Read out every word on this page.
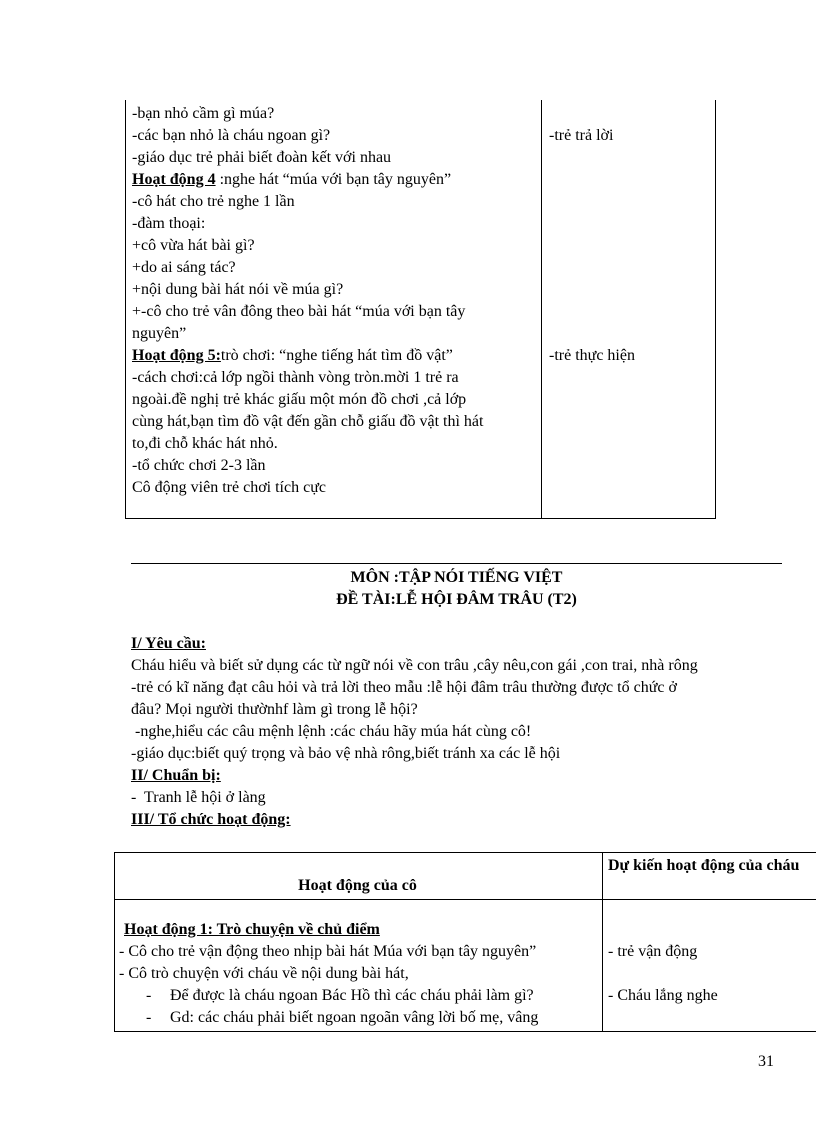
-bạn nhỏ cầm gì múa?
-các bạn nhỏ là cháu ngoan gì?
-giáo dục trẻ phải biết đoàn kết với nhau
Hoạt động 4 :nghe hát “múa với bạn tây nguyên”
-cô hát cho trẻ nghe 1 lần
-đàm thoại:
+cô vừa hát bài gì?
+do ai sáng tác?
+nội dung bài hát nói về múa gì?
+-cô cho trẻ vân đông theo bài hát “múa với bạn tây
nguyên”
Hoạt động 5:trò chơi: “nghe tiếng hát tìm đồ vật”
-cách chơi:cả lớp ngồi thành vòng tròn.mời 1 trẻ ra
ngoài.đề nghị trẻ khác giấu một món đồ chơi ,cả lớp
cùng hát,bạn tìm đồ vật đến gần chỗ giấu đồ vật thì hát
to,đi chỗ khác hát nhỏ.
-tổ chức chơi 2-3 lần
Cô động viên trẻ chơi tích cực
-trẻ trả lời
-trẻ thực hiện
MÔN :TẬP NÓI TIẾNG VIỆT
ĐỀ TÀI:LỄ HỘI ĐÂM TRÂU (T2)
I/ Yêu cầu:
Cháu hiểu và biết sử dụng các từ ngữ nói về con trâu ,cây nêu,con gái ,con trai, nhà rông
-trẻ có kĩ năng đạt câu hỏi và trả lời theo mẫu :lễ hội đâm trâu thường được tổ chức ở
đâu? Mọi người thườnhf làm gì trong lễ hội?
-nghe,hiểu các câu mệnh lệnh :các cháu hãy múa hát cùng cô!
-giáo dục:biết quý trọng và bảo vệ nhà rông,biết tránh xa các lễ hội
II/ Chuẩn bị:
-  Tranh lễ hội ở làng
III/ Tổ chức hoạt động:
Hoạt động của cô
Dự kiến hoạt động của cháu
Hoạt động 1: Trò chuyện về chủ điểm
- Cô cho trẻ vận động theo nhịp bài hát Múa với bạn tây nguyên”
- Cô trò chuyện với cháu về nội dung bài hát,
- Để được là cháu ngoan Bác Hồ thì các cháu phải làm gì?
- Gd: các cháu phải biết ngoan ngoãn vâng lời bố mẹ, vâng
- trẻ vận động
- Cháu lắng nghe
31
